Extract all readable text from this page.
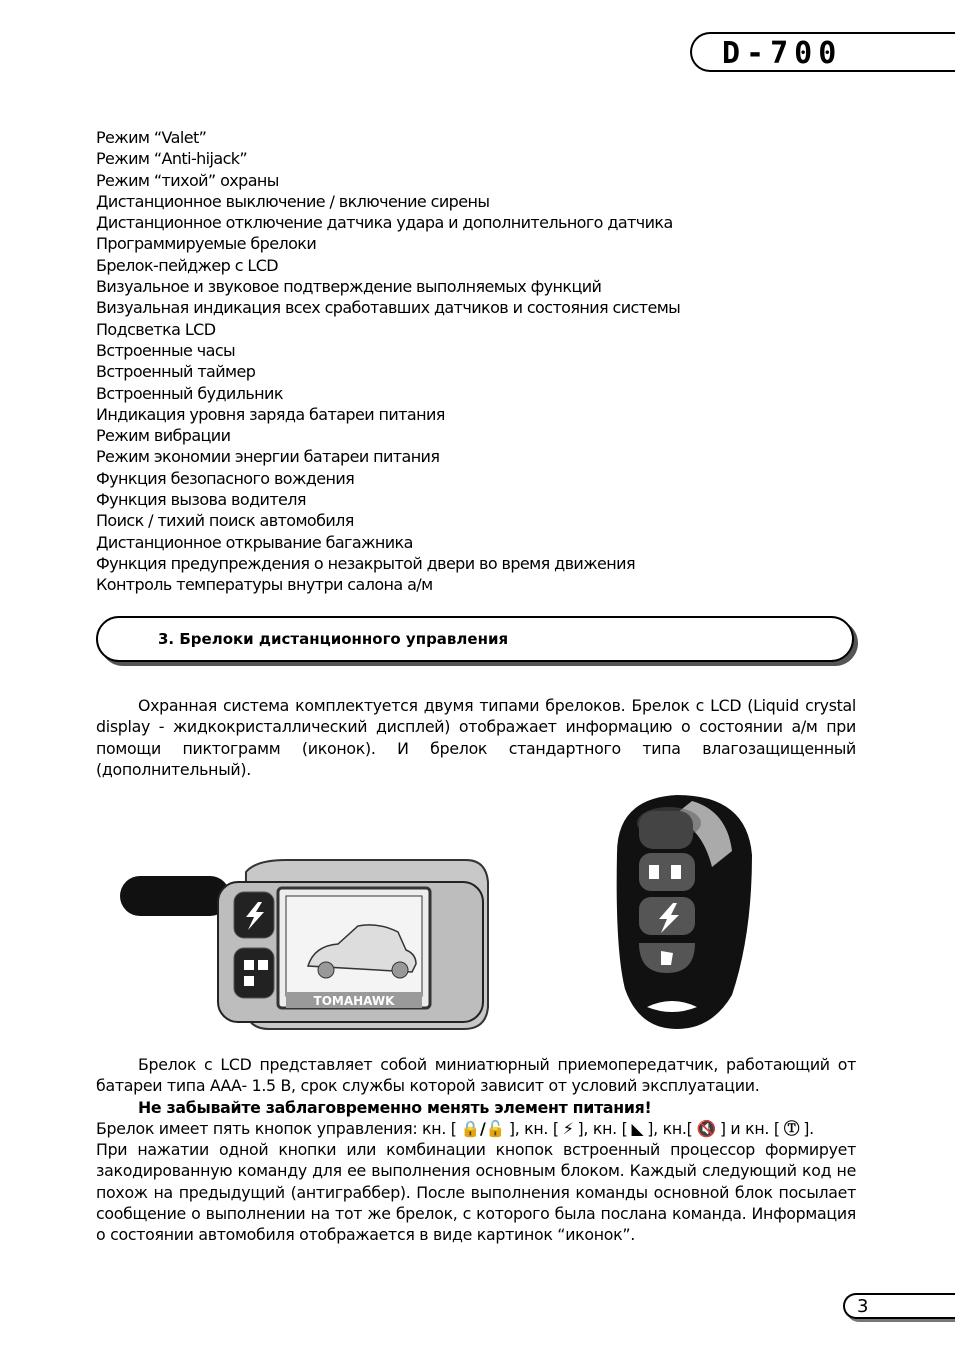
D-700
Режим “Valet”
Режим “Anti-hijack”
Режим “тихой” охраны
Дистанционное выключение / включение сирены
Дистанционное отключение датчика удара и дополнительного датчика
Программируемые брелоки
Брелок-пейджер с LCD
Визуальное и звуковое подтверждение выполняемых функций
Визуальная индикация всех сработавших датчиков и состояния системы
Подсветка LCD
Встроенные часы
Встроенный таймер
Встроенный будильник
Индикация уровня заряда батареи питания
Режим вибрации
Режим экономии энергии батареи питания
Функция безопасного вождения
Функция вызова водителя
Поиск / тихий поиск автомобиля
Дистанционное открывание багажника
Функция предупреждения о незакрытой двери во время движения
Контроль температуры внутри салона а/м
3. Брелоки дистанционного управления

Охранная система комплектуется двумя типами брелоков. Брелок с LCD (Liquid crystal display - жидкокристаллический дисплей) отображает информацию о состоянии а/м при помощи пиктограмм (иконок). И брелок стандартного типа влагозащищенный (дополнительный).

TOMAHAWK
Брелок с LCD представляет собой миниатюрный приемопередатчик, работающий от батареи типа ААА- 1.5 В, срок службы которой зависит от условий эксплуатации.
Не забывайте заблаговременно менять элемент питания!
Брелок имеет пять кнопок управления: кн. [ 🔒/🔓 ], кн. [ ⚡ ], кн. [ ◣ ], кн.[ 🔇 ] и кн. [ Ⓣ ].
При нажатии одной кнопки или комбинации кнопок встроенный процессор формирует закодированную команду для ее выполнения основным блоком. Каждый следующий код не похож на предыдущий (антиграббер). После выполнения команды основной блок посылает сообщение о выполнении на тот же брелок, с которого была послана команда. Информация о состоянии автомобиля отображается в виде картинок “иконок”.
3
